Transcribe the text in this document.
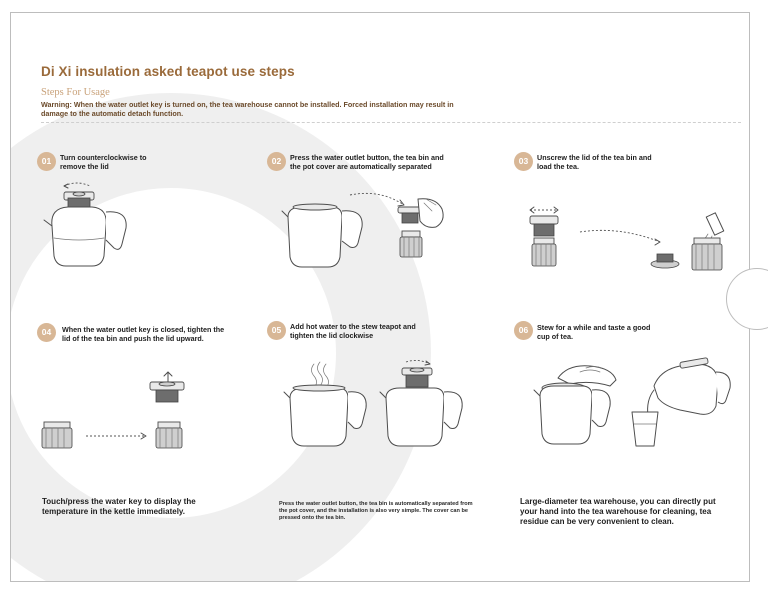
Di Xi insulation asked teapot use steps
Steps For Usage
Warning: When the water outlet key is turned on, the tea warehouse cannot be installed. Forced installation may result in damage to the automatic detach function.
01	Turn counterclockwise to remove the lid
02	Press the water outlet button, the tea bin and the pot cover are automatically separated
03	Unscrew the lid of the tea bin and load the tea.
04	When the water outlet key is closed, tighten the lid of the tea bin and push the lid upward.
05	Add hot water to the stew teapot and tighten the lid clockwise
06	Stew for a while and taste a good cup of tea.
Touch/press the water key to display the temperature in the kettle immediately.
Press the water outlet button, the tea bin is automatically separated from the pot cover, and the installation is also very simple. The cover can be pressed onto the tea bin.
Large-diameter tea warehouse, you can directly put your hand into the tea warehouse for cleaning, tea residue can be very convenient to clean.
